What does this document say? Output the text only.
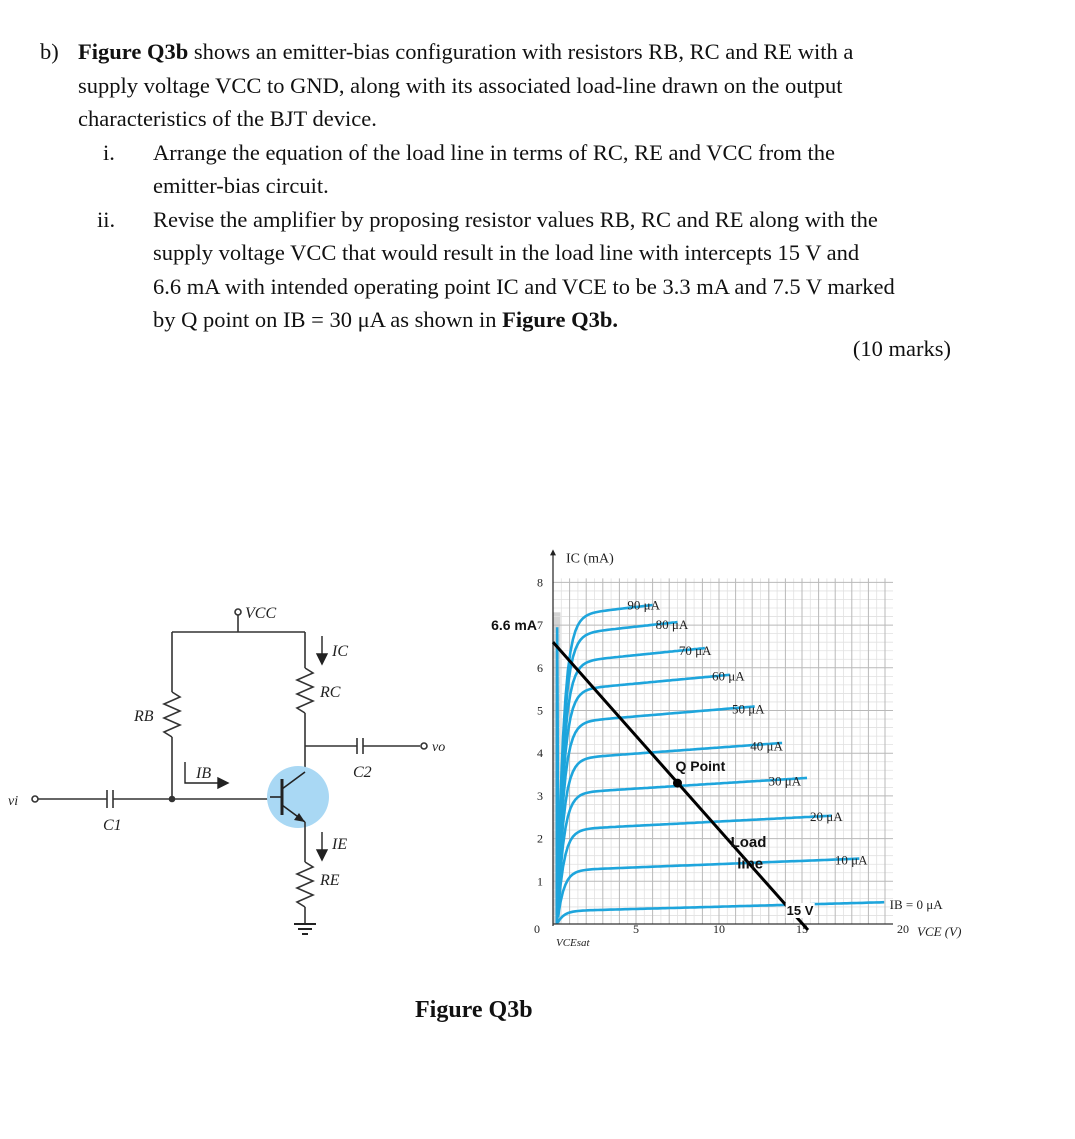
b) Figure Q3b shows an emitter-bias configuration with resistors RB, RC and RE with a
supply voltage VCC to GND, along with its associated load-line drawn on the output
characteristics of the BJT device.
i. Arrange the equation of the load line in terms of RC, RE and VCC from the
emitter-bias circuit.
ii. Revise the amplifier by proposing resistor values RB, RC and RE along with the
supply voltage VCC that would result in the load line with intercepts 15 V and
6.6 mA with intended operating point IC and VCE to be 3.3 mA and 7.5 V marked
by Q point on IB = 30 μA as shown in Figure Q3b.
(10 marks)
VCC
RB
RC
RE
IC
IB
IE
C1
C2
vi
vo
1
2
3
4
5
6
7
8
0	5	10	15	20
IB = 0 μA
10 μA
20 μA
30 μA
40 μA
50 μA
60 μA
70 μA
80 μA
90 μA
IC (mA)
VCE (V)
VCEsat
6.6 mA
15 V
Q Point
Load
line
Figure Q3b
